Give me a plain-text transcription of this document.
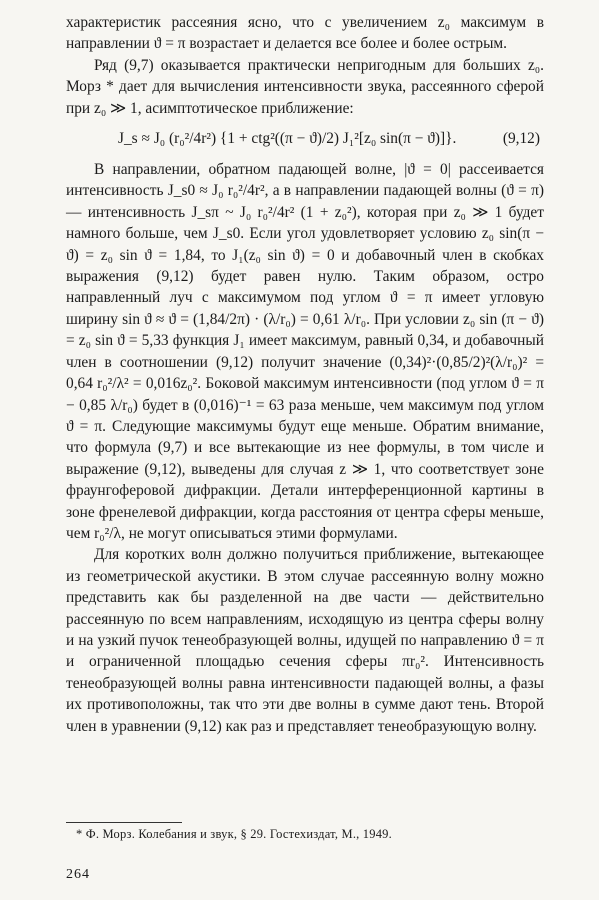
характеристик рассеяния ясно, что с увеличением z₀ максимум в направлении ϑ = π возрастает и делается все более и более острым.

Ряд (9,7) оказывается практически непригодным для больших z₀. Морз * дает для вычисления интенсивности звука, рассеянного сферой при z₀ ≫ 1, асимптотическое приближение:

J_s ≈ J₀ (r₀²/4r²) {1 + ctg²((π − ϑ)/2) J₁²[z₀ sin(π − ϑ)]}.	(9,12)

В направлении, обратном падающей волне, |ϑ = 0| рассеивается интенсивность J_s0 ≈ J₀ r₀²/4r², а в направлении падающей волны (ϑ = π) — интенсивность J_sπ ~ J₀ r₀²/4r² (1 + z₀²), которая при z₀ ≫ 1 будет намного больше, чем J_s0. Если угол удовлетворяет условию z₀ sin(π − ϑ) = z₀ sin ϑ = 1,84, то J₁(z₀ sin ϑ) = 0 и добавочный член в скобках выражения (9,12) будет равен нулю. Таким образом, остро направленный луч с максимумом под углом ϑ = π имеет угловую ширину sin ϑ ≈ ϑ = (1,84/2π) · (λ/r₀) = 0,61 λ/r₀. При условии z₀ sin (π − ϑ) = z₀ sin ϑ = 5,33 функция J₁ имеет максимум, равный 0,34, и добавочный член в соотношении (9,12) получит значение (0,34)²·(0,85/2)²(λ/r₀)² = 0,64 r₀²/λ² = 0,016z₀². Боковой максимум интенсивности (под углом ϑ = π − 0,85 λ/r₀) будет в (0,016)⁻¹ = 63 раза меньше, чем максимум под углом ϑ = π. Следующие максимумы будут еще меньше. Обратим внимание, что формула (9,7) и все вытекающие из нее формулы, в том числе и выражение (9,12), выведены для случая z ≫ 1, что соответствует зоне фраунгоферовой дифракции. Детали интерференционной картины в зоне френелевой дифракции, когда расстояния от центра сферы меньше, чем r₀²/λ, не могут описываться этими формулами.

Для коротких волн должно получиться приближение, вытекающее из геометрической акустики. В этом случае рассеянную волну можно представить как бы разделенной на две части — действительно рассеянную по всем направлениям, исходящую из центра сферы волну и на узкий пучок тенеобразующей волны, идущей по направлению ϑ = π и ограниченной площадью сечения сферы πr₀². Интенсивность тенеобразующей волны равна интенсивности падающей волны, а фазы их противоположны, так что эти две волны в сумме дают тень. Второй член в уравнении (9,12) как раз и представляет тенеобразующую волну.

* Ф. Морз. Колебания и звук, § 29. Гостехиздат, М., 1949.
264
